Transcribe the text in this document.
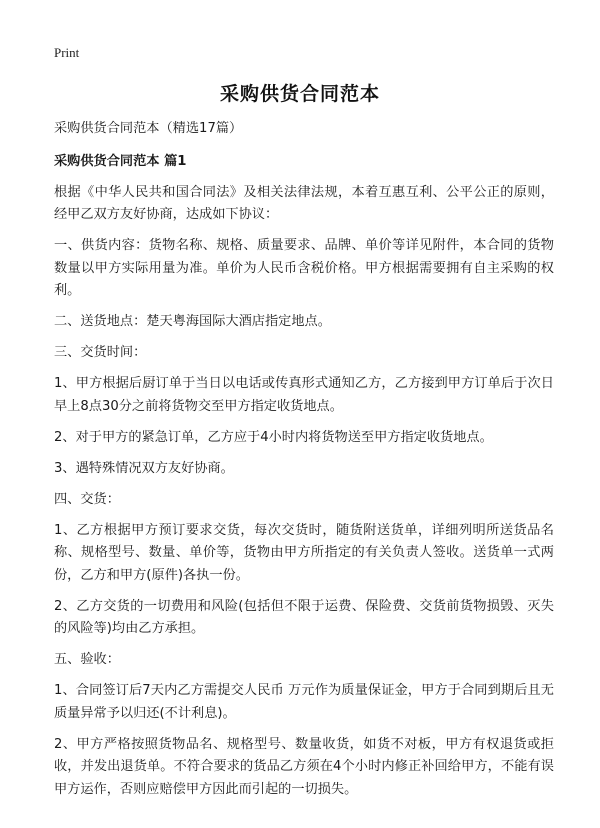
Print
采购供货合同范本

采购供货合同范本（精选17篇）

采购供货合同范本 篇1

根据《中华人民共和国合同法》及相关法律法规，本着互惠互利、公平公正的原则，经甲乙双方友好协商，达成如下协议：

一、供货内容：货物名称、规格、质量要求、品牌、单价等详见附件，本合同的货物数量以甲方实际用量为准。单价为人民币含税价格。甲方根据需要拥有自主采购的权利。

二、送货地点：楚天粤海国际大酒店指定地点。

三、交货时间：

1、甲方根据后厨订单于当日以电话或传真形式通知乙方，乙方接到甲方订单后于次日早上8点30分之前将货物交至甲方指定收货地点。

2、对于甲方的紧急订单，乙方应于4小时内将货物送至甲方指定收货地点。

3、遇特殊情况双方友好协商。

四、交货：

1、乙方根据甲方预订要求交货，每次交货时，随货附送货单，详细列明所送货品名称、规格型号、数量、单价等，货物由甲方所指定的有关负责人签收。送货单一式两份，乙方和甲方(原件)各执一份。

2、乙方交货的一切费用和风险(包括但不限于运费、保险费、交货前货物损毁、灭失的风险等)均由乙方承担。

五、验收：

1、合同签订后7天内乙方需提交人民币 万元作为质量保证金，甲方于合同到期后且无质量异常予以归还(不计利息)。

2、甲方严格按照货物品名、规格型号、数量收货，如货不对板，甲方有权退货或拒收，并发出退货单。不符合要求的货品乙方须在4个小时内修正补回给甲方，不能有误甲方运作，否则应赔偿甲方因此而引起的一切损失。
